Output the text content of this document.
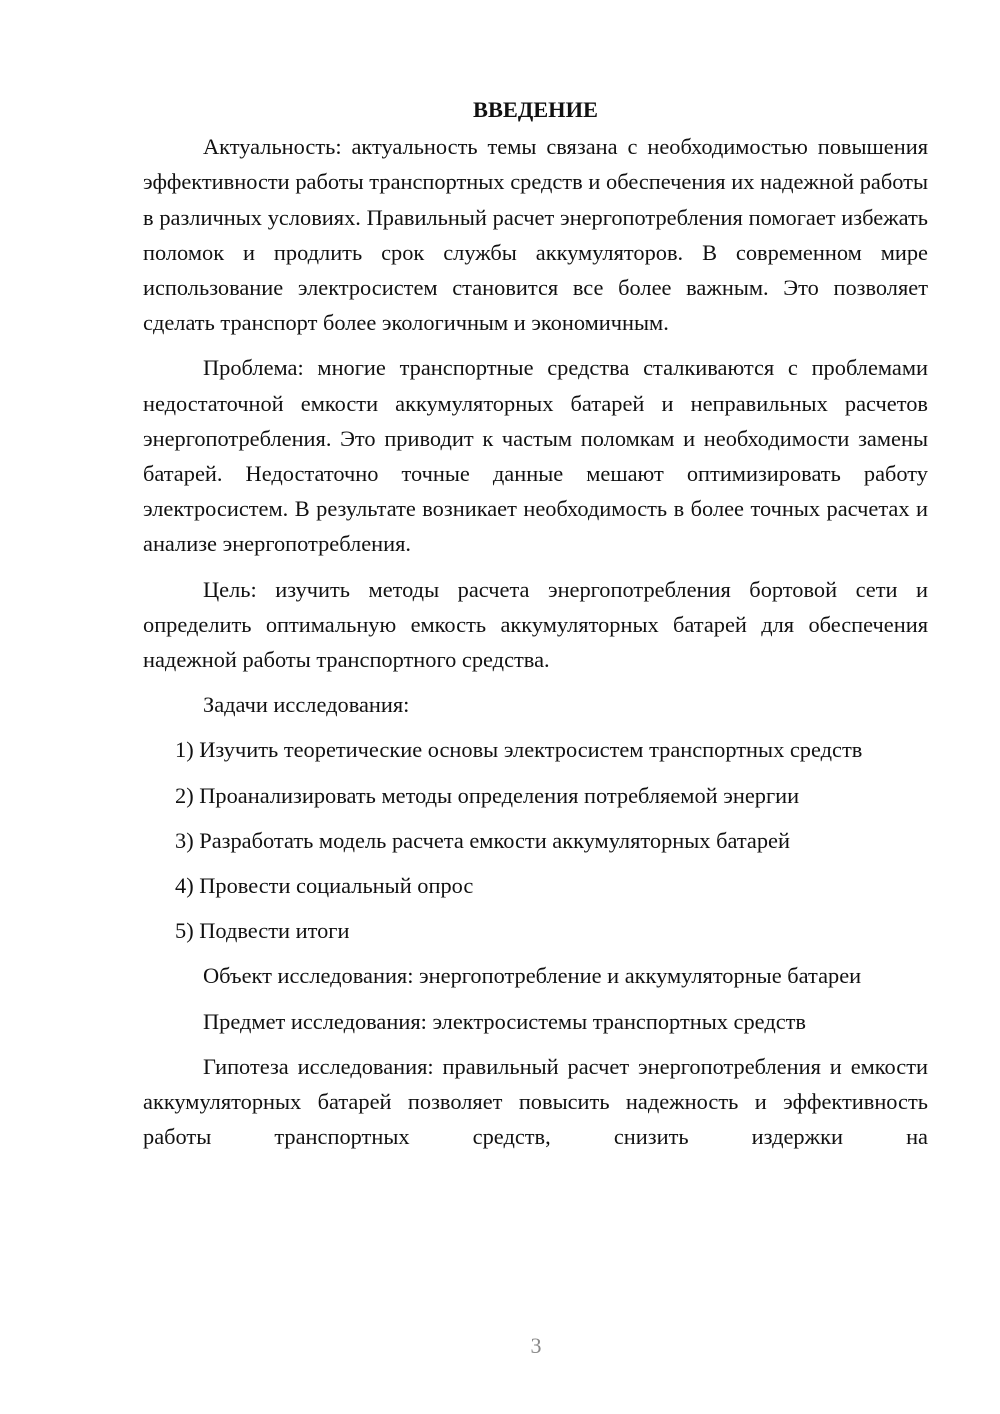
ВВЕДЕНИЕ

Актуальность: актуальность темы связана с необходимостью повышения эффективности работы транспортных средств и обеспечения их надежной работы в различных условиях. Правильный расчет энергопотребления помогает избежать поломок и продлить срок службы аккумуляторов. В современном мире использование электросистем становится все более важным. Это позволяет сделать транспорт более экологичным и экономичным.

Проблема: многие транспортные средства сталкиваются с проблемами недостаточной емкости аккумуляторных батарей и неправильных расчетов энергопотребления. Это приводит к частым поломкам и необходимости замены батарей. Недостаточно точные данные мешают оптимизировать работу электросистем. В результате возникает необходимость в более точных расчетах и анализе энергопотребления.

Цель: изучить методы расчета энергопотребления бортовой сети и определить оптимальную емкость аккумуляторных батарей для обеспечения надежной работы транспортного средства.

Задачи исследования:

1) Изучить теоретические основы электросистем транспортных средств

2) Проанализировать методы определения потребляемой энергии

3) Разработать модель расчета емкости аккумуляторных батарей

4) Провести социальный опрос

5) Подвести итоги

Объект исследования: энергопотребление и аккумуляторные батареи

Предмет исследования: электросистемы транспортных средств

Гипотеза исследования: правильный расчет энергопотребления и емкости аккумуляторных батарей позволяет повысить надежность и эффективность работы транспортных средств, снизить издержки на

3
